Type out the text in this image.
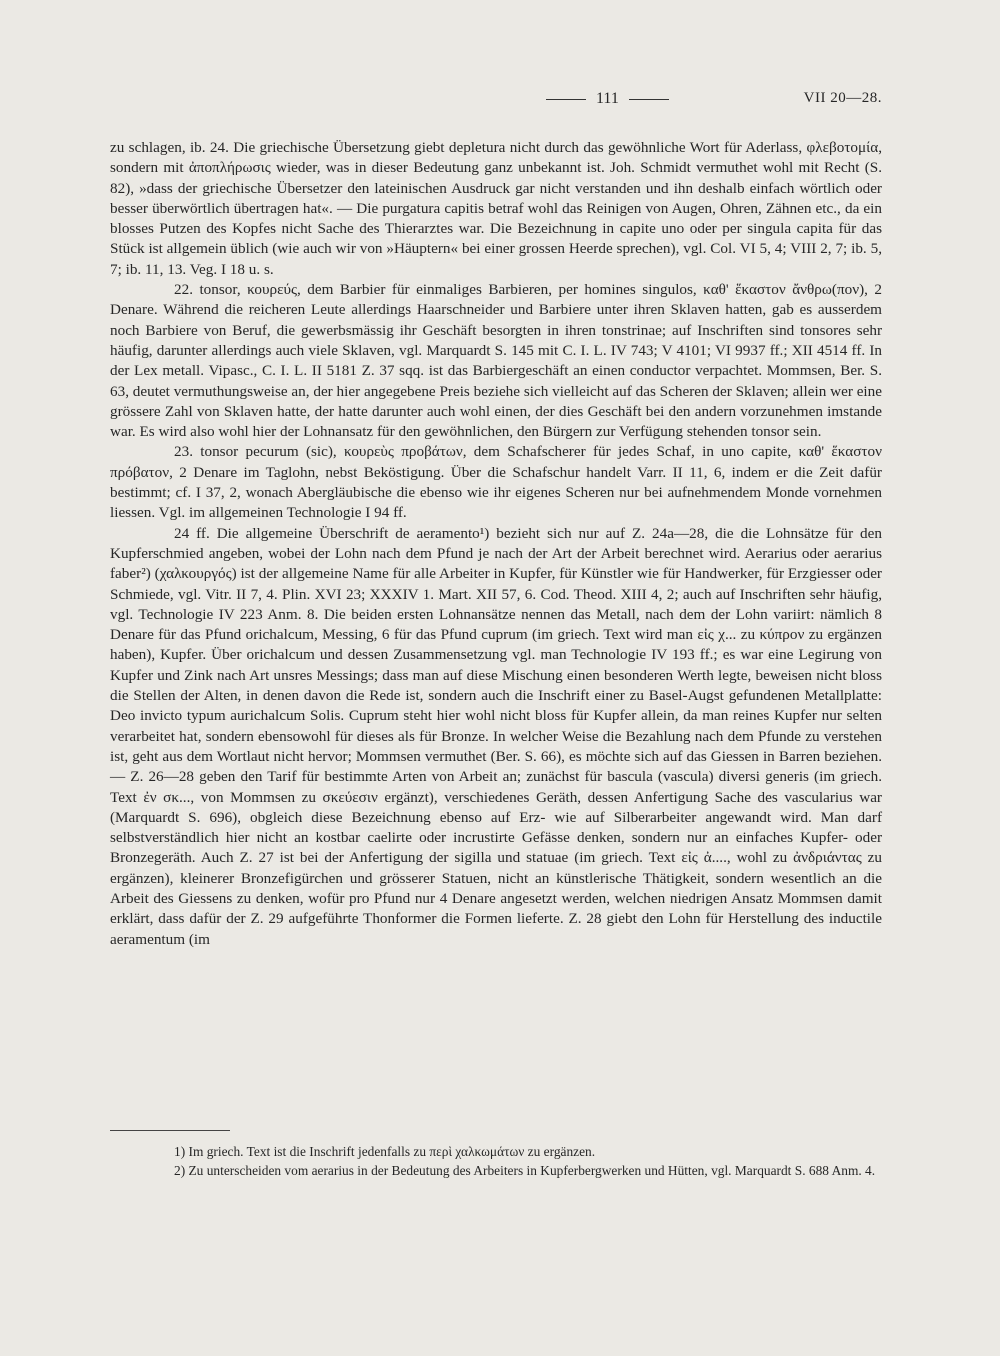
111	VII 20—28.

zu schlagen, ib. 24. Die griechische Übersetzung giebt depletura nicht durch das gewöhnliche Wort für Aderlass, φλεβοτομία, sondern mit ἀποπλήρωσις wieder, was in dieser Bedeutung ganz unbekannt ist. Joh. Schmidt vermuthet wohl mit Recht (S. 82), »dass der griechische Übersetzer den lateinischen Ausdruck gar nicht verstanden und ihn deshalb einfach wörtlich oder besser überwörtlich übertragen hat«. — Die purgatura capitis betraf wohl das Reinigen von Augen, Ohren, Zähnen etc., da ein blosses Putzen des Kopfes nicht Sache des Thierarztes war. Die Bezeichnung in capite uno oder per singula capita für das Stück ist allgemein üblich (wie auch wir von »Häuptern« bei einer grossen Heerde sprechen), vgl. Col. VI 5, 4; VIII 2, 7; ib. 5, 7; ib. 11, 13. Veg. I 18 u. s.

22. tonsor, κουρεύς, dem Barbier für einmaliges Barbieren, per homines singulos, καθ' ἕκαστον ἄνθρω(πον), 2 Denare. Während die reicheren Leute allerdings Haarschneider und Barbiere unter ihren Sklaven hatten, gab es ausserdem noch Barbiere von Beruf, die gewerbsmässig ihr Geschäft besorgten in ihren tonstrinae; auf Inschriften sind tonsores sehr häufig, darunter allerdings auch viele Sklaven, vgl. Marquardt S. 145 mit C. I. L. IV 743; V 4101; VI 9937 ff.; XII 4514 ff. In der Lex metall. Vipasc., C. I. L. II 5181 Z. 37 sqq. ist das Barbiergeschäft an einen conductor verpachtet. Mommsen, Ber. S. 63, deutet vermuthungsweise an, der hier angegebene Preis beziehe sich vielleicht auf das Scheren der Sklaven; allein wer eine grössere Zahl von Sklaven hatte, der hatte darunter auch wohl einen, der dies Geschäft bei den andern vorzunehmen imstande war. Es wird also wohl hier der Lohnansatz für den gewöhnlichen, den Bürgern zur Verfügung stehenden tonsor sein.

23. tonsor pecurum (sic), κουρεὺς προβάτων, dem Schafscherer für jedes Schaf, in uno capite, καθ' ἕκαστον πρόβατον, 2 Denare im Taglohn, nebst Beköstigung. Über die Schafschur handelt Varr. II 11, 6, indem er die Zeit dafür bestimmt; cf. I 37, 2, wonach Abergläubische die ebenso wie ihr eigenes Scheren nur bei aufnehmendem Monde vornehmen liessen. Vgl. im allgemeinen Technologie I 94 ff.

24 ff. Die allgemeine Überschrift de aeramento¹) bezieht sich nur auf Z. 24a—28, die die Lohnsätze für den Kupferschmied angeben, wobei der Lohn nach dem Pfund je nach der Art der Arbeit berechnet wird. Aerarius oder aerarius faber²) (χαλκουργός) ist der allgemeine Name für alle Arbeiter in Kupfer, für Künstler wie für Handwerker, für Erzgiesser oder Schmiede, vgl. Vitr. II 7, 4. Plin. XVI 23; XXXIV 1. Mart. XII 57, 6. Cod. Theod. XIII 4, 2; auch auf Inschriften sehr häufig, vgl. Technologie IV 223 Anm. 8. Die beiden ersten Lohnansätze nennen das Metall, nach dem der Lohn variirt: nämlich 8 Denare für das Pfund orichalcum, Messing, 6 für das Pfund cuprum (im griech. Text wird man εἰς χ... zu κύπρον zu ergänzen haben), Kupfer. Über orichalcum und dessen Zusammensetzung vgl. man Technologie IV 193 ff.; es war eine Legirung von Kupfer und Zink nach Art unsres Messings; dass man auf diese Mischung einen besonderen Werth legte, beweisen nicht bloss die Stellen der Alten, in denen davon die Rede ist, sondern auch die Inschrift einer zu Basel-Augst gefundenen Metallplatte: Deo invicto typum aurichalcum Solis. Cuprum steht hier wohl nicht bloss für Kupfer allein, da man reines Kupfer nur selten verarbeitet hat, sondern ebensowohl für dieses als für Bronze. In welcher Weise die Bezahlung nach dem Pfunde zu verstehen ist, geht aus dem Wortlaut nicht hervor; Mommsen vermuthet (Ber. S. 66), es möchte sich auf das Giessen in Barren beziehen. — Z. 26—28 geben den Tarif für bestimmte Arten von Arbeit an; zunächst für bascula (vascula) diversi generis (im griech. Text ἐν σκ..., von Mommsen zu σκεύεσιν ergänzt), verschiedenes Geräth, dessen Anfertigung Sache des vascularius war (Marquardt S. 696), obgleich diese Bezeichnung ebenso auf Erz- wie auf Silberarbeiter angewandt wird. Man darf selbstverständlich hier nicht an kostbar caelirte oder incrustirte Gefässe denken, sondern nur an einfaches Kupfer- oder Bronzegeräth. Auch Z. 27 ist bei der Anfertigung der sigilla und statuae (im griech. Text εἰς ἀ...., wohl zu ἀνδριάντας zu ergänzen), kleinerer Bronzefigürchen und grösserer Statuen, nicht an künstlerische Thätigkeit, sondern wesentlich an die Arbeit des Giessens zu denken, wofür pro Pfund nur 4 Denare angesetzt werden, welchen niedrigen Ansatz Mommsen damit erklärt, dass dafür der Z. 29 aufgeführte Thonformer die Formen lieferte. Z. 28 giebt den Lohn für Herstellung des inductile aeramentum (im

1) Im griech. Text ist die Inschrift jedenfalls zu περὶ χαλκωμάτων zu ergänzen.

2) Zu unterscheiden vom aerarius in der Bedeutung des Arbeiters in Kupferbergwerken und Hütten, vgl. Marquardt S. 688 Anm. 4.
